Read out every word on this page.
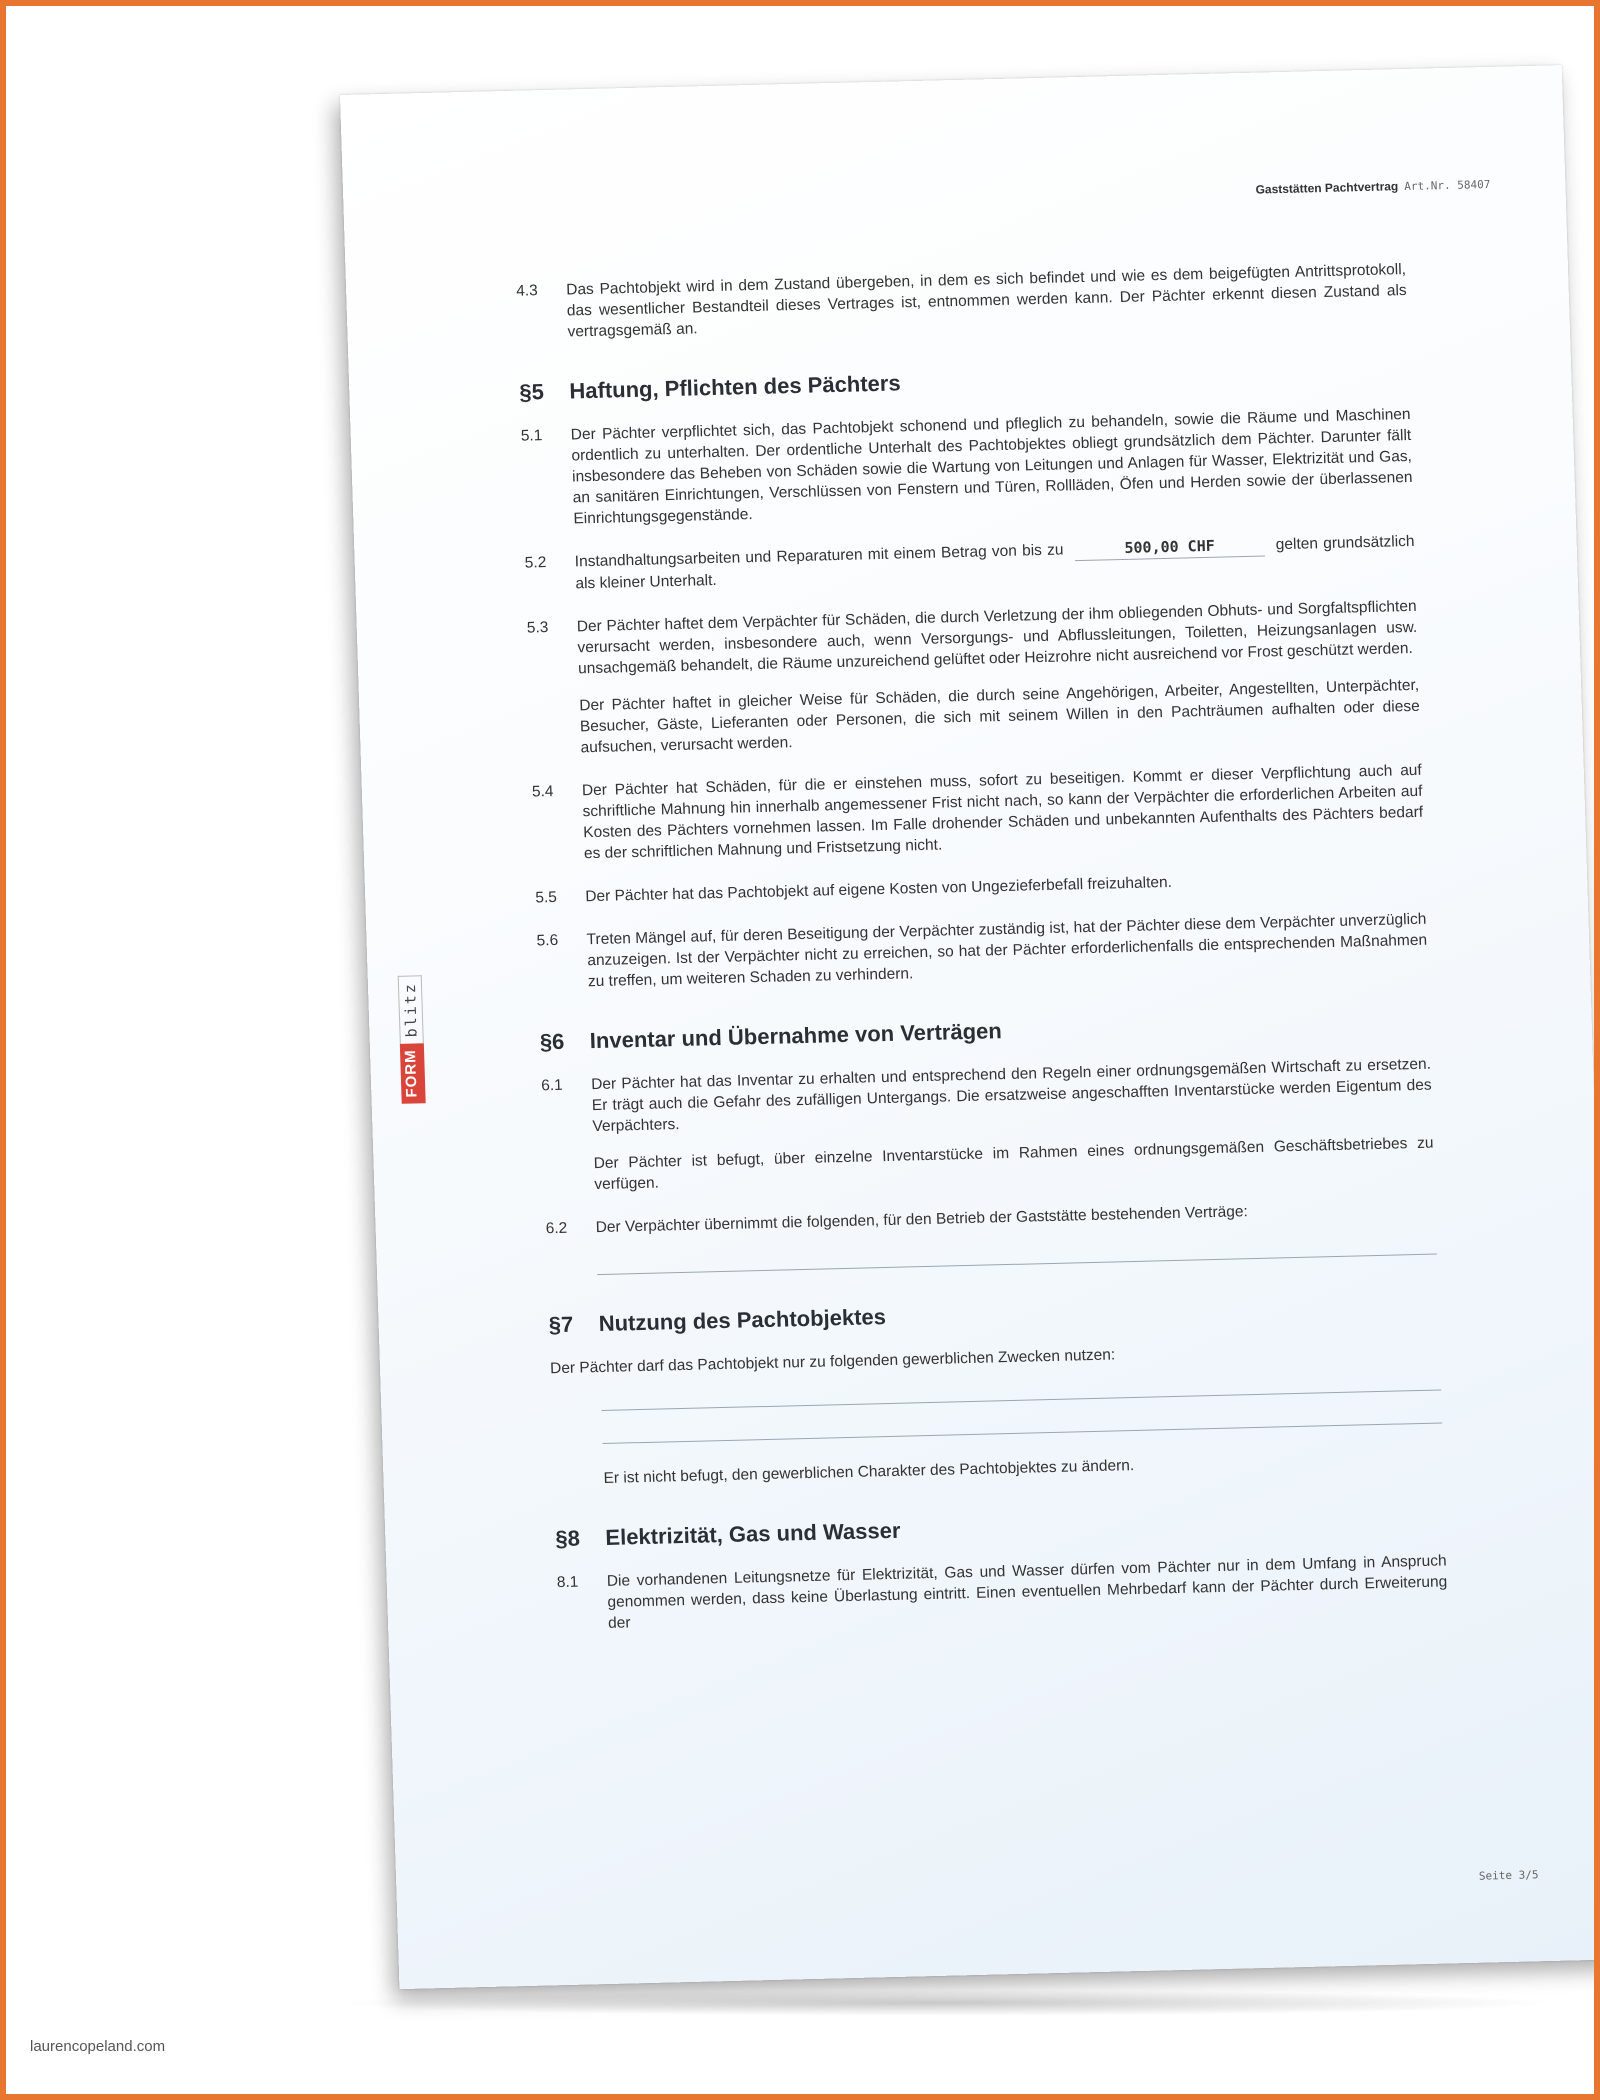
Gaststätten Pachtvertrag Art.Nr. 58407
4.3	Das Pachtobjekt wird in dem Zustand übergeben, in dem es sich befindet und wie es dem beigefügten Antrittsprotokoll, das wesentlicher Bestandteil dieses Vertrages ist, entnommen werden kann. Der Pächter erkennt diesen Zustand als vertragsgemäß an.
§5	Haftung, Pflichten des Pächters
5.1	Der Pächter verpflichtet sich, das Pachtobjekt schonend und pfleglich zu behandeln, sowie die Räume und Maschinen ordentlich zu unterhalten. Der ordentliche Unterhalt des Pachtobjektes obliegt grundsätzlich dem Pächter. Darunter fällt insbesondere das Beheben von Schäden sowie die Wartung von Leitungen und Anlagen für Wasser, Elektrizität und Gas, an sanitären Einrichtungen, Verschlüssen von Fenstern und Türen, Rollläden, Öfen und Herden sowie der überlassenen Einrichtungsgegenstände.
5.2	Instandhaltungsarbeiten und Reparaturen mit einem Betrag von bis zu	500,00 CHF	gelten grundsätzlich als kleiner Unterhalt.
5.3	Der Pächter haftet dem Verpächter für Schäden, die durch Verletzung der ihm obliegenden Obhuts- und Sorgfaltspflichten verursacht werden, insbesondere auch, wenn Versorgungs- und Abflussleitungen, Toiletten, Heizungsanlagen usw. unsachgemäß behandelt, die Räume unzureichend gelüftet oder Heizrohre nicht ausreichend vor Frost geschützt werden.

Der Pächter haftet in gleicher Weise für Schäden, die durch seine Angehörigen, Arbeiter, Angestellten, Unterpächter, Besucher, Gäste, Lieferanten oder Personen, die sich mit seinem Willen in den Pachträumen aufhalten oder diese aufsuchen, verursacht werden.

5.4	Der Pächter hat Schäden, für die er einstehen muss, sofort zu beseitigen. Kommt er dieser Verpflichtung auch auf schriftliche Mahnung hin innerhalb angemessener Frist nicht nach, so kann der Verpächter die erforderlichen Arbeiten auf Kosten des Pächters vornehmen lassen. Im Falle drohender Schäden und unbekannten Aufenthalts des Pächters bedarf es der schriftlichen Mahnung und Fristsetzung nicht.
5.5	Der Pächter hat das Pachtobjekt auf eigene Kosten von Ungezieferbefall freizuhalten.
5.6	Treten Mängel auf, für deren Beseitigung der Verpächter zuständig ist, hat der Pächter diese dem Verpächter unverzüglich anzuzeigen. Ist der Verpächter nicht zu erreichen, so hat der Pächter erforderlichenfalls die entsprechenden Maßnahmen zu treffen, um weiteren Schaden zu verhindern.
§6	Inventar und Übernahme von Verträgen
6.1	Der Pächter hat das Inventar zu erhalten und entsprechend den Regeln einer ordnungsgemäßen Wirtschaft zu ersetzen. Er trägt auch die Gefahr des zufälligen Untergangs. Die ersatzweise angeschafften Inventarstücke werden Eigentum des Verpächters.

Der Pächter ist befugt, über einzelne Inventarstücke im Rahmen eines ordnungsgemäßen Geschäftsbetriebes zu verfügen.

6.2	Der Verpächter übernimmt die folgenden, für den Betrieb der Gaststätte bestehenden Verträge:
§7	Nutzung des Pachtobjektes
Der Pächter darf das Pachtobjekt nur zu folgenden gewerblichen Zwecken nutzen:
Er ist nicht befugt, den gewerblichen Charakter des Pachtobjektes zu ändern.
§8	Elektrizität, Gas und Wasser
8.1	Die vorhandenen Leitungsnetze für Elektrizität, Gas und Wasser dürfen vom Pächter nur in dem Umfang in Anspruch genommen werden, dass keine Überlastung eintritt. Einen eventuellen Mehrbedarf kann der Pächter durch Erweiterung der
Seite 3/5
FORM
blitz
laurencopeland.com
